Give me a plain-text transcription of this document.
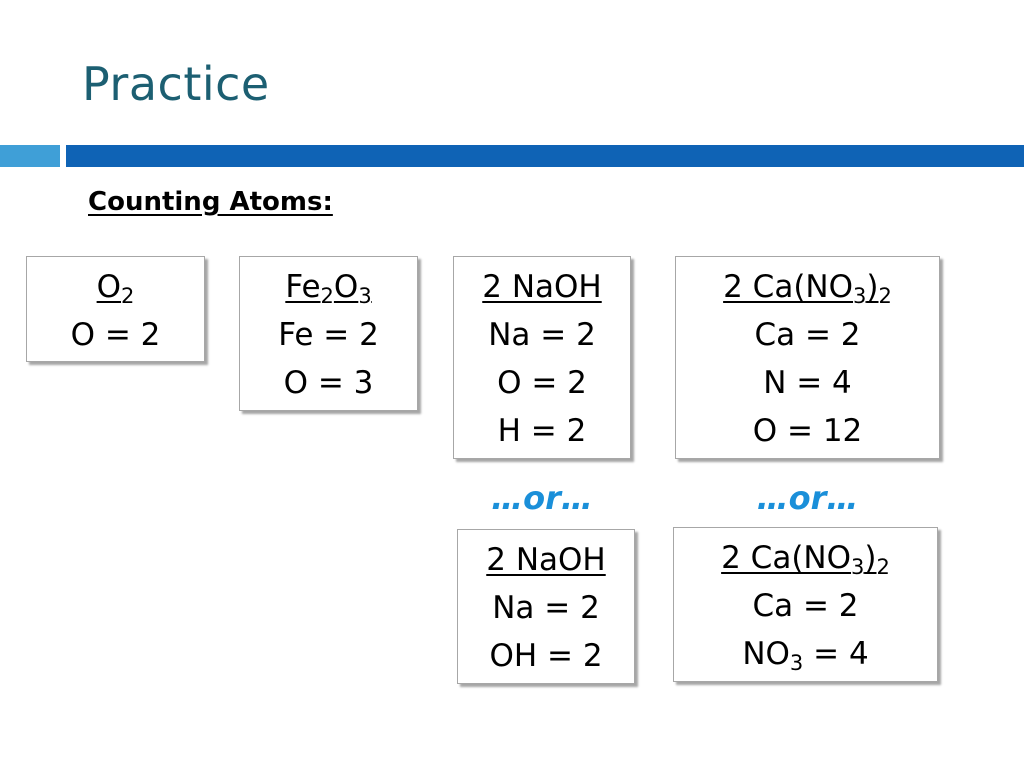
Practice
Counting Atoms:
$O_2$
O = 2
$Fe_2O_3$
Fe = 2
O = 3
2 NaOH
Na = 2
O = 2
H = 2
2 $Ca(NO_3)_2$
Ca = 2
N = 4
O = 12
…or…	…or…
2 NaOH
Na = 2
OH = 2
2 $Ca(NO_3)_2$
Ca = 2
$NO_3 = 4$
